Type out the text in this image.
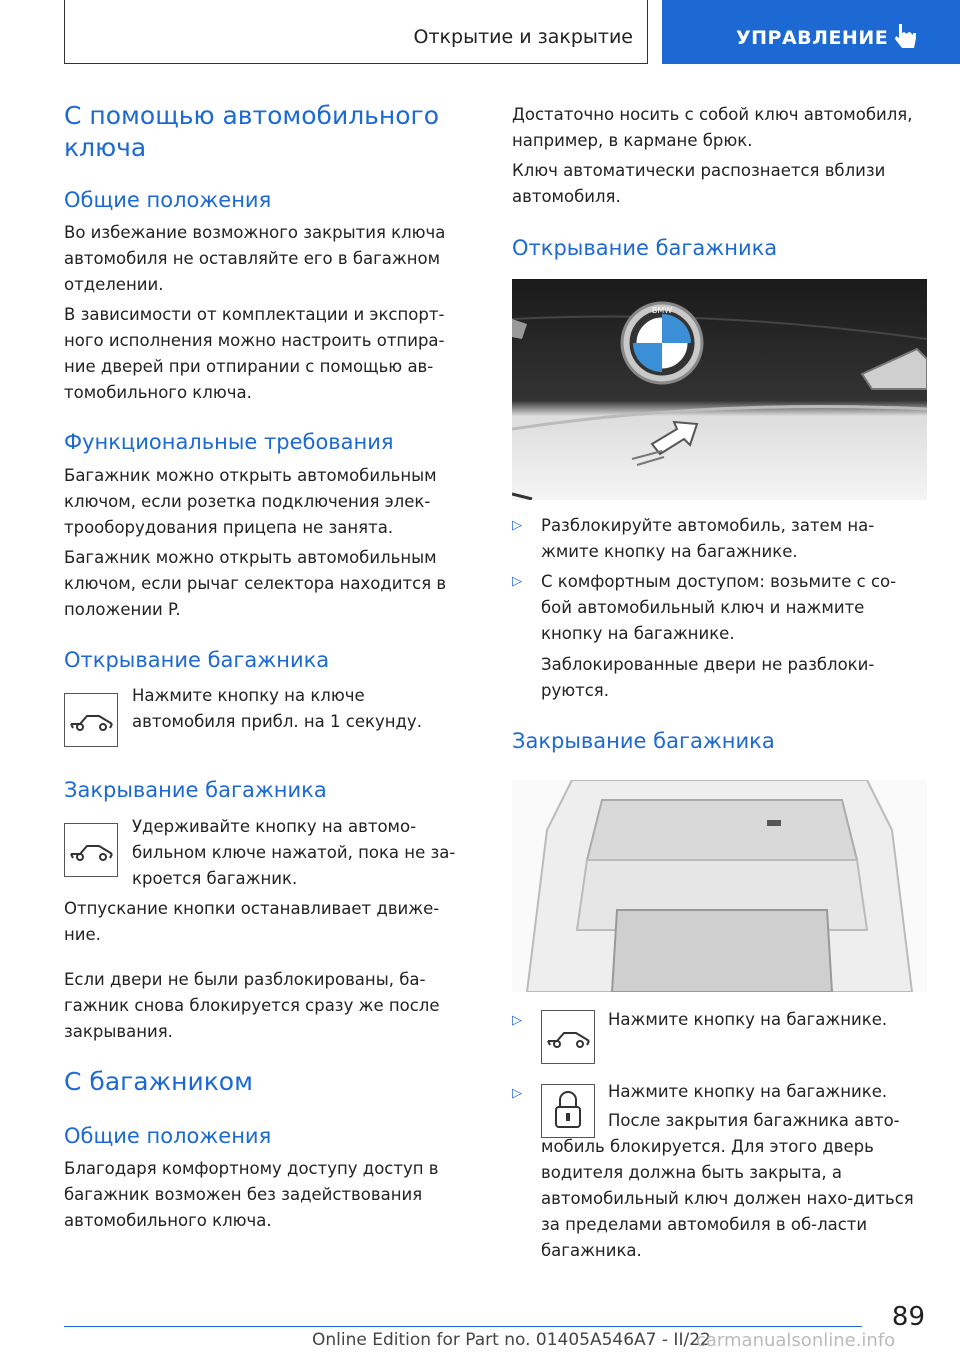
Открытие и закрытие	УПРАВЛЕНИЕ
С помощью автомобильного ключа
Общие положения

Во избежание возможного закрытия ключа автомобиля не оставляйте его в багажном отделении.

В зависимости от комплектации и экспорт-ного исполнения можно настроить отпира-ние дверей при отпирании с помощью ав-томобильного ключа.

Функциональные требования

Багажник можно открыть автомобильным ключом, если розетка подключения элек-трооборудования прицепа не занята.

Багажник можно открыть автомобильным ключом, если рычаг селектора находится в положении P.

Открывание багажника

Нажмите кнопку на ключе автомобиля прибл. на 1 секунду.

Закрывание багажника

Удерживайте кнопку на автомо-бильном ключе нажатой, пока не за-кроется багажник.

Отпускание кнопки останавливает движе-ние.

Если двери не были разблокированы, ба-гажник снова блокируется сразу же после закрывания.

С багажником
Общие положения

Благодаря комфортному доступу доступ в багажник возможен без задействования автомобильного ключа.

Достаточно носить с собой ключ автомобиля, например, в кармане брюк.

Ключ автоматически распознается вблизи автомобиля.

Открывание багажника
BMW
▷ Разблокируйте автомобиль, затем на-жмите кнопку на багажнике.

▷ С комфортным доступом: возьмите с со-бой автомобильный ключ и нажмите кнопку на багажнике.

Заблокированные двери не разблоки-руются.

Закрывание багажника
▷	Нажмите кнопку на багажнике.

▷	Нажмите кнопку на багажнике.

После закрытия багажника авто-мобиль блокируется. Для этого дверь водителя должна быть закрыта, а автомобильный ключ должен нахо-диться за пределами автомобиля в об-ласти багажника.

89
Online Edition for Part no. 01405A546A7 - II/22
carmanualsonline.info
